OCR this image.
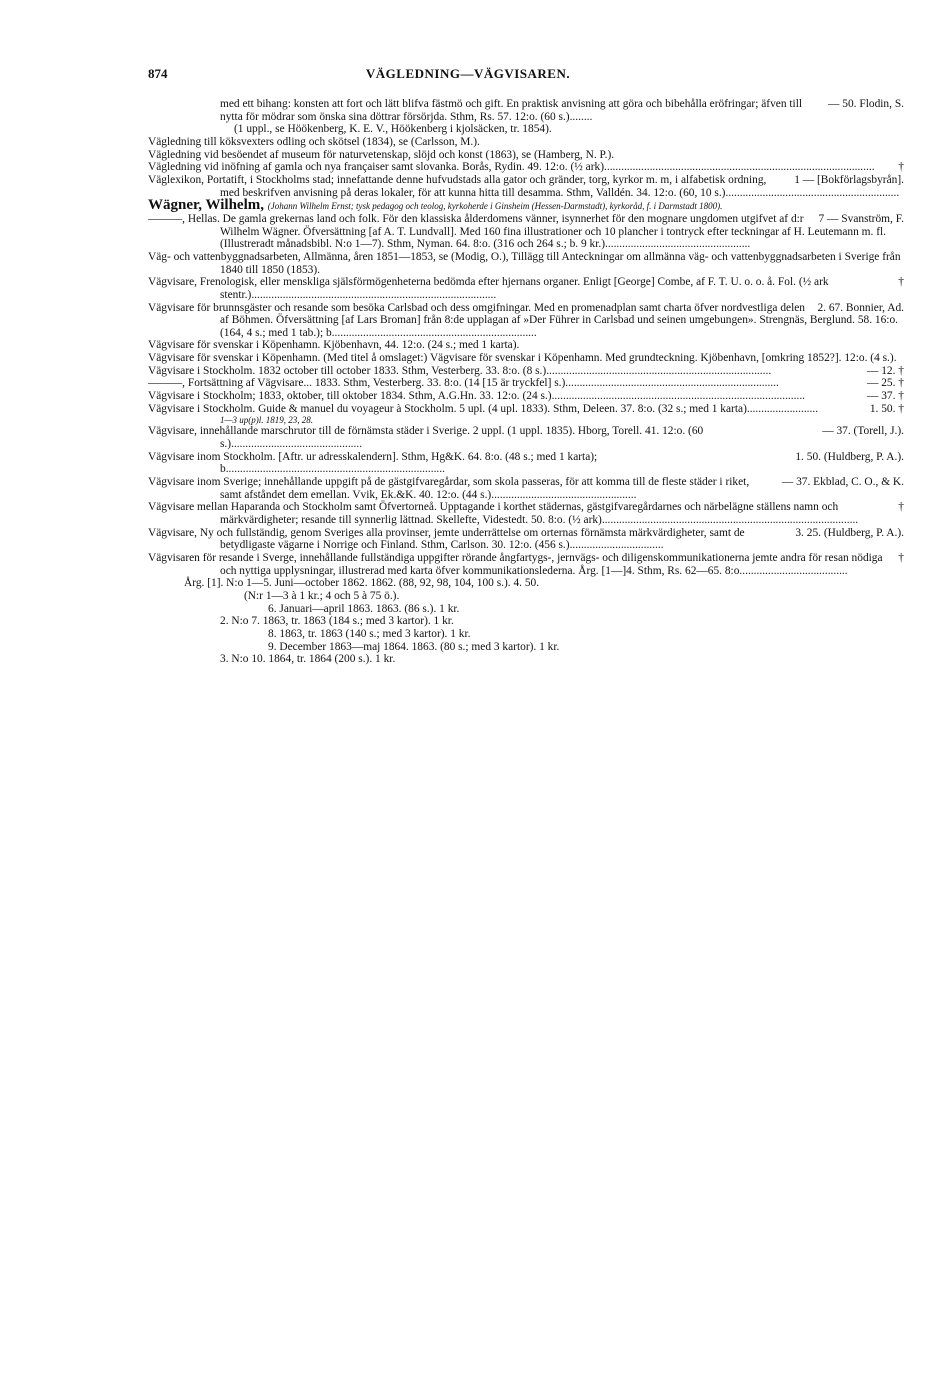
874	VÄGLEDNING—VÄGVISAREN.
— 50. Flodin, S.
med ett bihang: konsten att fort och lätt blifva fästmö och gift. En praktisk anvisning att göra och bibehålla eröfringar; äfven till nytta för mödrar som önska sina döttrar försörjda. Sthm, Rs. 57. 12:o. (60 s.)........
(1 uppl., se Höökenberg, K. E. V., Höökenberg i kjolsäcken, tr. 1854).
Vägledning till köksvexters odling och skötsel (1834), se (Carlsson, M.).
Vägledning vid besöendet af museum för naturvetenskap, slöjd och konst (1863), se (Hamberg, N. P.).
†
Vägledning vid inöfning af gamla och nya françaiser samt slovanka. Borås, Rydin. 49. 12:o. (½ ark)...............................................................................................
1 — [Bokförlagsbyrån].
Väglexikon, Portatift, i Stockholms stad; innefattande denne hufvudstads alla gator och gränder, torg, kyrkor m. m, i alfabetisk ordning, med beskrifven anvisning på deras lokaler, för att kunna hitta till desamma. Sthm, Valldén. 34. 12:o. (60, 10 s.).............................................................
Wägner, Wilhelm, (Johann Wilhelm Ernst; tysk pedagog och teolog, kyrkoherde i Ginsheim (Hessen-Darmstadt), kyrkoråd, f. i Darmstadt 1800).
7 — Svanström, F.
———, Hellas. De gamla grekernas land och folk. För den klassiska ålderdomens vänner, isynnerhet för den mognare ungdomen utgifvet af d:r Wilhelm Wägner. Öfversättning [af A. T. Lundvall]. Med 160 fina illustrationer och 10 plancher i tontryck efter teckningar af H. Leutemann m. fl. (Illustreradt månadsbibl. N:o 1—7). Sthm, Nyman. 64. 8:o. (316 och 264 s.; b. 9 kr.)...................................................
Väg- och vattenbyggnadsarbeten, Allmänna, åren 1851—1853, se (Modig, O.), Tillägg till Anteckningar om allmänna väg- och vattenbyggnadsarbeten i Sverige från 1840 till 1850 (1853).
†
Vägvisare, Frenologisk, eller menskliga själsförmögenheterna bedömda efter hjernans organer. Enligt [George] Combe, af F. T. U. o. o. å. Fol. (½ ark stentr.)......................................................................................
2. 67. Bonnier, Ad.
Vägvisare för brunnsgäster och resande som besöka Carlsbad och dess omgifningar. Med en promenadplan samt charta öfver nordvestliga delen af Böhmen. Öfversättning [af Lars Broman] från 8:de upplagan af »Der Führer in Carlsbad und seinen umgebungen». Strengnäs, Berglund. 58. 16:o. (164, 4 s.; med 1 tab.); b........................................................................
Vägvisare för svenskar i Köpenhamn. Kjöbenhavn, 44. 12:o. (24 s.; med 1 karta).
Vägvisare för svenskar i Köpenhamn. (Med titel å omslaget:) Vägvisare för svenskar i Köpenhamn. Med grundteckning. Kjöbenhavn, [omkring 1852?]. 12:o. (4 s.).
— 12. †
Vägvisare i Stockholm. 1832 october till october 1833. Sthm, Vesterberg. 33. 8:o. (8 s.)...............................................................................
— 25. †
———, Fortsättning af Vägvisare... 1833. Sthm, Vesterberg. 33. 8:o. (14 [15 är tryckfel] s.)...........................................................................
— 37. †
Vägvisare i Stockholm; 1833, oktober, till oktober 1834. Sthm, A.G.Hn. 33. 12:o. (24 s.).........................................................................................
1. 50. †
Vägvisare i Stockholm. Guide & manuel du voyageur à Stockholm. 5 upl. (4 upl. 1833). Sthm, Deleen. 37. 8:o. (32 s.; med 1 karta).........................
1—3 up(p)l. 1819, 23, 28.
— 37. (Torell, J.).
Vägvisare, innehållande marschrutor till de förnämsta städer i Sverige. 2 uppl. (1 uppl. 1835). Hborg, Torell. 41. 12:o. (60 s.)..............................................
1. 50. (Huldberg, P. A.).
Vägvisare inom Stockholm. [Aftr. ur adresskalendern]. Sthm, Hg&K. 64. 8:o. (48 s.; med 1 karta); b.............................................................................
— 37. Ekblad, C. O., & K.
Vägvisare inom Sverige; innehållande uppgift på de gästgifvaregårdar, som skola passeras, för att komma till de fleste städer i riket, samt afståndet dem emellan. Vvik, Ek.&K. 40. 12:o. (44 s.)...................................................
†
Vägvisare mellan Haparanda och Stockholm samt Öfvertorneå. Upptagande i korthet städernas, gästgifvaregårdarnes och närbelägne ställens namn och märkvärdigheter; resande till synnerlig lättnad. Skellefte, Videstedt. 50. 8:o. (½ ark)..........................................................................................
3. 25. (Huldberg, P. A.).
Vägvisare, Ny och fullständig, genom Sveriges alla provinser, jemte underrättelse om orternas förnämsta märkvärdigheter, samt de betydligaste vägarne i Norrige och Finland. Sthm, Carlson. 30. 12:o. (456 s.).................................
†
Vägvisaren för resande i Sverge, innehållande fullständiga uppgifter rörande ångfartygs-, jernvägs- och diligenskommunikationerna jemte andra för resan nödiga och nyttiga upplysningar, illustrerad med karta öfver kommunikationslederna. Årg. [1—]4. Sthm, Rs. 62—65. 8:o......................................
Årg. [1]. N:o 1—5. Juni—october 1862. 1862. (88, 92, 98, 104, 100 s.). 4. 50.
(N:r 1—3 à 1 kr.; 4 och 5 à 75 ö.).
6. Januari—april 1863. 1863. (86 s.). 1 kr.
2. N:o 7. 1863, tr. 1863 (184 s.; med 3 kartor). 1 kr.
8. 1863, tr. 1863 (140 s.; med 3 kartor). 1 kr.
9. December 1863—maj 1864. 1863. (80 s.; med 3 kartor). 1 kr.
3. N:o 10. 1864, tr. 1864 (200 s.). 1 kr.
